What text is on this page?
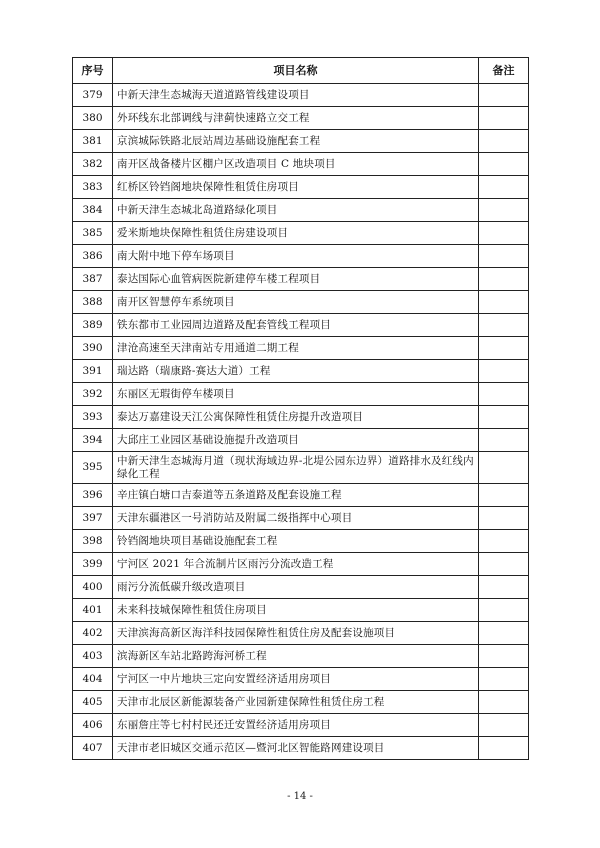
序号	项目名称	备注
379	中新天津生态城海天道道路管线建设项目	
380	外环线东北部调线与津蓟快速路立交工程	
381	京滨城际铁路北辰站周边基础设施配套工程	
382	南开区战备楼片区棚户区改造项目 C 地块项目	
383	红桥区铃铛阁地块保障性租赁住房项目	
384	中新天津生态城北岛道路绿化项目	
385	爱米斯地块保障性租赁住房建设项目	
386	南大附中地下停车场项目	
387	泰达国际心血管病医院新建停车楼工程项目	
388	南开区智慧停车系统项目	
389	铁东都市工业园周边道路及配套管线工程项目	
390	津沧高速至天津南站专用通道二期工程	
391	瑞达路（瑞康路-赛达大道）工程	
392	东丽区无瑕街停车楼项目	
393	泰达万嘉建设天江公寓保障性租赁住房提升改造项目	
394	大邱庄工业园区基础设施提升改造项目	
395	中新天津生态城海月道（现状海域边界-北堤公园东边界）道路排水及红线内绿化工程	
396	辛庄镇白塘口吉泰道等五条道路及配套设施工程	
397	天津东疆港区一号消防站及附属二级指挥中心项目	
398	铃铛阁地块项目基础设施配套工程	
399	宁河区 2021 年合流制片区雨污分流改造工程	
400	雨污分流低碳升级改造项目	
401	未来科技城保障性租赁住房项目	
402	天津滨海高新区海洋科技园保障性租赁住房及配套设施项目	
403	滨海新区车站北路跨海河桥工程	
404	宁河区一中片地块三定向安置经济适用房项目	
405	天津市北辰区新能源装备产业园新建保障性租赁住房工程	
406	东丽詹庄等七村村民还迁安置经济适用房项目	
407	天津市老旧城区交通示范区—暨河北区智能路网建设项目	
- 14 -
